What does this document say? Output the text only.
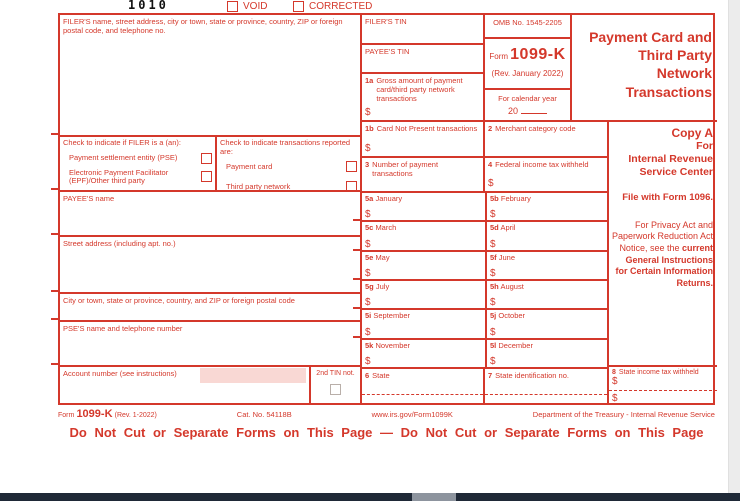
1010	VOID	CORRECTED
FILER'S name, street address, city or town, state or province, country, ZIP or foreign postal code, and telephone no.
Check to indicate if FILER is a (an):
Payment settlement entity (PSE)
Electronic Payment Facilitator (EPF)/Other third party
Check to indicate transactions reported are:
Payment card
Third party network
PAYEE'S name
Street address (including apt. no.)
City or town, state or province, country, and ZIP or foreign postal code
PSE'S name and telephone number
Account number (see instructions)	2nd TIN not.
FILER'S TIN
PAYEE'S TIN
1a Gross amount of payment card/third party network transactions
$
1b Card Not Present transactions
$
3 Number of payment transactions
OMB No. 1545-2205
Form 1099-K
(Rev. January 2022)
For calendar year
20
2 Merchant category code
4 Federal income tax withheld
$
5a January
$
5b February
$
5c March
$
5d April
$
5e May
$
5f June
$
5g July
$
5h August
$
5i September
$
5j October
$
5k November
$
5l December
$
6 State	7 State identification no.
Payment Card and
Third Party
Network
Transactions
Copy A
For
Internal Revenue
Service Center
File with Form 1096.
For Privacy Act and Paperwork Reduction Act Notice, see the current General Instructions for Certain Information Returns.
8 State income tax withheld
$
$
Form 1099-K (Rev. 1-2022)	Cat. No. 54118B	www.irs.gov/Form1099K	Department of the Treasury - Internal Revenue Service
Do Not Cut or Separate Forms on This Page — Do Not Cut or Separate Forms on This Page
